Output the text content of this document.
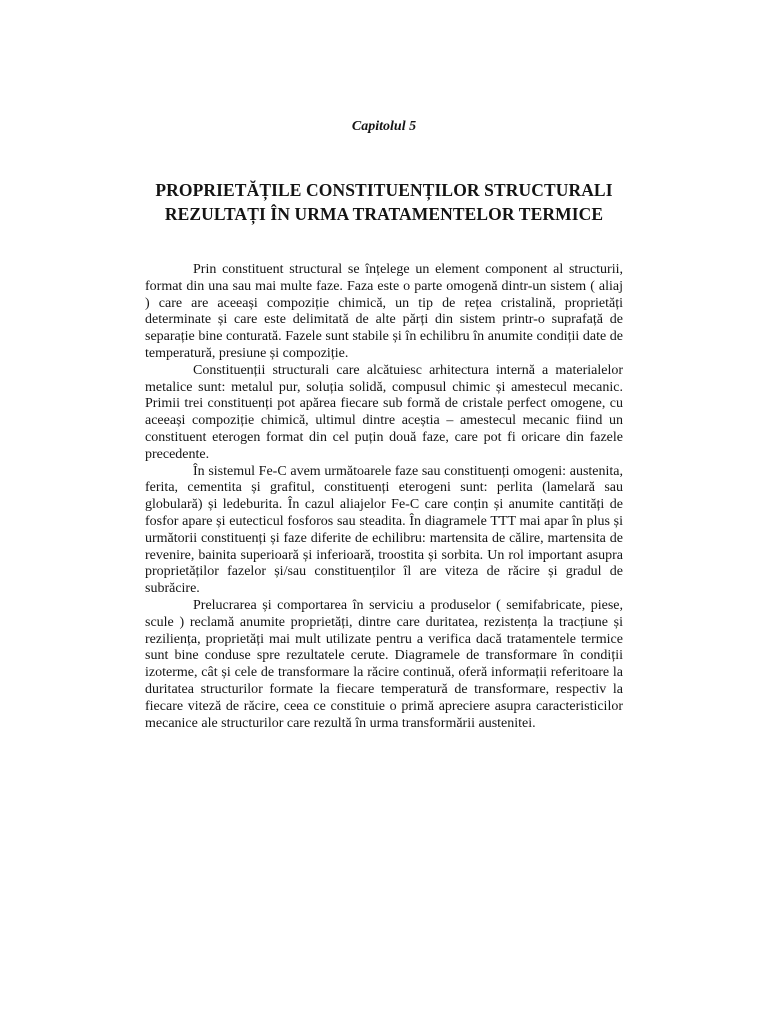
Capitolul 5
PROPRIETĂȚILE CONSTITUENȚILOR STRUCTURALI
REZULTAȚI ÎN URMA TRATAMENTELOR TERMICE

Prin constituent structural se înțelege un element component al structurii, format din una sau mai multe faze. Faza este o parte omogenă dintr-un sistem ( aliaj ) care are aceeași compoziție chimică, un tip de rețea cristalină, proprietăți determinate și care este delimitată de alte părți din sistem printr-o suprafață de separație bine conturată. Fazele sunt stabile și în echilibru în anumite condiții date de temperatură, presiune și compoziție.

Constituenții structurali care alcătuiesc arhitectura internă a materialelor metalice sunt: metalul pur, soluția solidă, compusul chimic și amestecul mecanic. Primii trei constituenți pot apărea fiecare sub formă de cristale perfect omogene, cu aceeași compoziție chimică, ultimul dintre aceștia – amestecul mecanic fiind un constituent eterogen format din cel puțin două faze, care pot fi oricare din fazele precedente.

În sistemul Fe-C avem următoarele faze sau constituenți omogeni: austenita, ferita, cementita și grafitul, constituenți eterogeni sunt: perlita (lamelară sau globulară) și ledeburita. În cazul aliajelor Fe-C care conțin și anumite cantități de fosfor apare și eutecticul fosforos sau steadita. În diagramele TTT mai apar în plus și următorii constituenți și faze diferite de echilibru: martensita de călire, martensita de revenire, bainita superioară și inferioară, troostita și sorbita. Un rol important asupra proprietăților fazelor și/sau constituenților îl are viteza de răcire și gradul de subrăcire.

Prelucrarea și comportarea în serviciu a produselor ( semifabricate, piese, scule ) reclamă anumite proprietăți, dintre care duritatea, rezistența la tracțiune și reziliența, proprietăți mai mult utilizate pentru a verifica dacă tratamentele termice sunt bine conduse spre rezultatele cerute. Diagramele de transformare în condiții izoterme, cât și cele de transformare la răcire continuă, oferă informații referitoare la duritatea structurilor formate la fiecare temperatură de transformare, respectiv la fiecare viteză de răcire, ceea ce constituie o primă apreciere asupra caracteristicilor mecanice ale structurilor care rezultă în urma transformării austenitei.
